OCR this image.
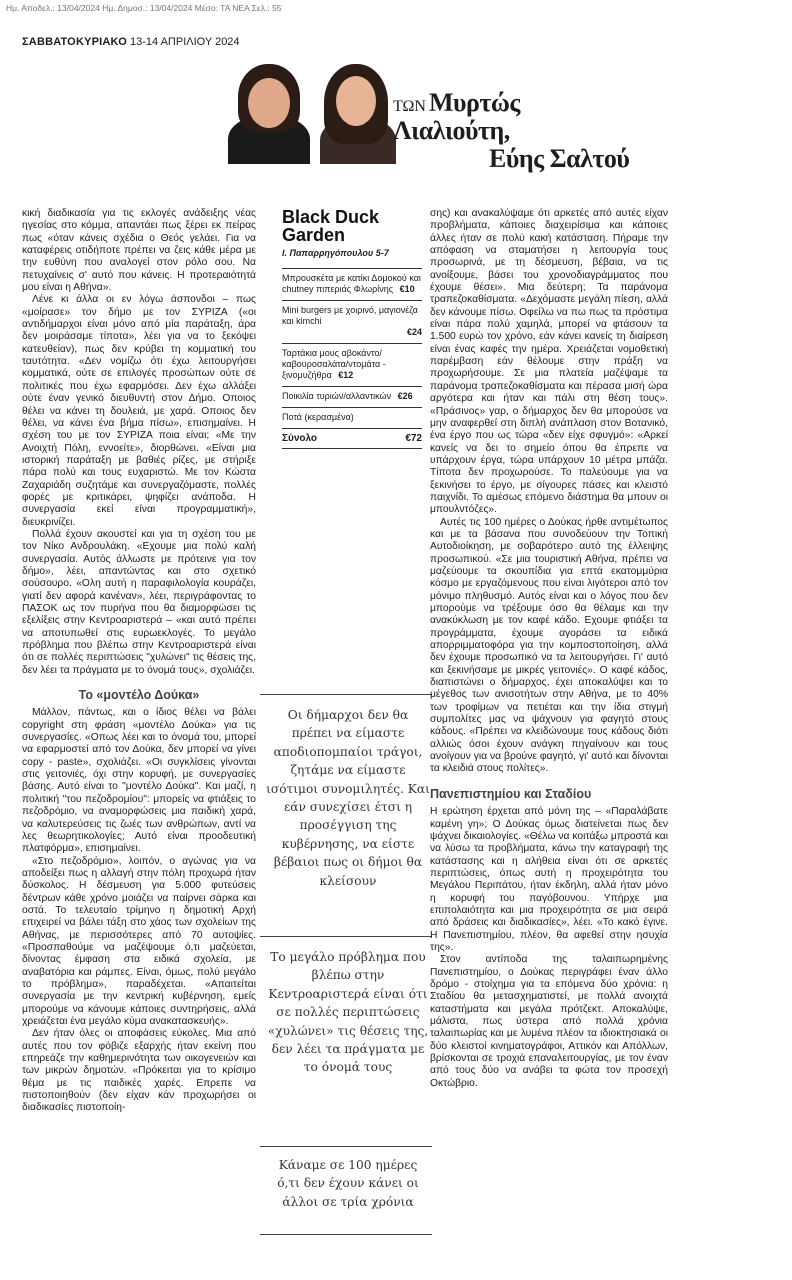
Ημ. Αποδελ.: 13/04/2024 Ημ. Δημοσ.: 13/04/2024 Μέσο: ΤΑ ΝΕΑ Σελ.: 55
ΣΑΒΒΑΤΟΚΥΡΙΑΚΟ 13-14 ΑΠΡΙΛΙΟΥ 2024
ΤΩΝ Μυρτώς Λιαλιούτη,
Εύης Σαλτού

κική διαδικασία για τις εκλογές ανάδειξης νέας ηγεσίας στο κόμμα, απαντάει πως ξέρει εκ πείρας πως «όταν κάνεις σχέδια ο Θεός γελάει. Για να καταφέρεις οτιδήποτε πρέπει να ζεις κάθε μέρα με την ευθύνη που αναλογεί στον ρόλο σου. Να πετυχαίνεις σ' αυτό που κάνεις. Η προτεραιότητά μου είναι η Αθήνα».

Λένε κι άλλα οι εν λόγω άσπονδοι – πως «μοίρασε» τον δήμο με τον ΣΥΡΙΖΑ («οι αντιδήμαρχοι είναι μόνο από μία παράταξη, άρα δεν μοιράσαμε τίποτα», λέει για να το ξεκόψει κατευθείαν), πως δεν κρύβει τη κομματική του ταυτότητα. «Δεν νομίζω ότι έχω λειτουργήσει κομματικά, ούτε σε επιλογές προσώπων ούτε σε πολιτικές που έχω εφαρμόσει. Δεν έχω αλλάξει ούτε έναν γενικό διευθυντή στον Δήμο. Οποιος θέλει να κάνει τη δουλειά, με χαρά. Οποιος δεν θέλει, να κάνει ένα βήμα πίσω», επισημαίνει. Η σχέση του με τον ΣΥΡΙΖΑ ποια είναι; «Με την Ανοιχτή Πόλη, εννοείτε», διορθώνει. «Είναι μια ιστορική παράταξη με βαθιές ρίζες, με στήριξε πάρα πολύ και τους ευχαριστώ. Με τον Κώστα Ζαχαριάδη συζητάμε και συνεργαζόμαστε, πολλές φορές με κριτικάρει, ψηφίζει ανάποδα. Η συνεργασία εκεί είναι προγραμματική», διευκρινίζει.

Πολλά έχουν ακουστεί και για τη σχέση του με τον Νίκο Ανδρουλάκη. «Εχουμε μια πολύ καλή συνεργασία. Αυτός άλλωστε με πρότεινε για τον δήμο», λέει, απαντώντας και στο σχετικό σούσουρο. «Ολη αυτή η παραφιλολογία κουράζει, γιατί δεν αφορά κανέναν», λέει, περιγράφοντας το ΠΑΣΟΚ ως τον πυρήνα που θα διαμορφώσει τις εξελίξεις στην Κεντροαριστερά – «και αυτό πρέπει να αποτυπωθεί στις ευρωεκλογές. Το μεγάλο πρόβλημα που βλέπω στην Κεντροαριστερά είναι ότι σε πολλές περιπτώσεις "χυλώνει" τις θέσεις της, δεν λέει τα πράγματα με το όνομά τους», σχολιάζει.

Το «μοντέλο Δούκα»

Μάλλον, πάντως, και ο ίδιος θέλει να βάλει copyright στη φράση «μοντέλο Δούκα» για τις συνεργασίες. «Οπως λέει και το όνομά του, μπορεί να εφαρμοστεί από τον Δούκα, δεν μπορεί να γίνει copy - paste», σχολιάζει. «Οι συγκλίσεις γίνονται στις γειτονιές, όχι στην κορυφή, με συνεργασίες βάσης. Αυτό είναι το "μοντέλο Δούκα". Και μαζί, η πολιτική "του πεζοδρομίου": μπορείς να φτιάξεις το πεζοδρόμιο, να αναμορφώσεις μια παιδική χαρά, να καλυτερεύσεις τις ζωές των ανθρώπων, αντί να λες θεωρητικολογίες; Αυτό είναι προοδευτική πλατφόρμα», επισημαίνει.

«Στο πεζοδρόμιο», λοιπόν, ο αγώνας για να αποδείξει πως η αλλαγή στην πόλη προχωρά ήταν δύσκολος. Η δέσμευση για 5.000 φυτεύσεις δέντρων κάθε χρόνο μοιάζει να παίρνει σάρκα και οστά. Το τελευταίο τρίμηνο η δημοτική Αρχή επιχειρεί να βάλει τάξη στο χάος των σχολείων της Αθήνας, με περισσότερες από 70 αυτοψίες. «Προσπαθούμε να μαζέψουμε ό,τι μαζεύεται, δίνοντας έμφαση στα ειδικά σχολεία, με αναβατόρια και ράμπες. Είναι, όμως, πολύ μεγάλο το πρόβλημα», παραδέχεται. «Απαιτείται συνεργασία με την κεντρική κυβέρνηση, εμείς μπορούμε να κάνουμε κάποιες συντηρήσεις, αλλά χρειάζεται ένα μεγάλο κύμα ανακατασκευής».

Δεν ήταν όλες οι αποφάσεις εύκολες. Μια από αυτές που τον φόβιζε εξαρχής ήταν εκείνη που επηρεάζε την καθημερινότητα των οικογενειών και των μικρών δημοτών. «Πρόκειται για το κρίσιμο θέμα με τις παιδικές χαρές. Επρεπε να πιστοποιηθούν (δεν είχαν κάν προχωρήσει οι διαδικασίες πιστοποίη-

Black Duck Garden
Ι. Παπαρρηγόπουλου 5-7
Μπρουσκέτα με κατίκι Δομοκού και chutney πιπεριάς Φλωρίνης €10
Mini burgers με χοιρινό, μαγιονέζα και kimchi
€24
Ταρτάκια μους αβοκάντο/καβουροσαλάτα/ντομάτα - ξινομυζήθρα €12
Ποικιλία τυριών/αλλαντικών €26
Ποτά (κερασμένα)
Σύνολο	€72
Οι δήμαρχοι δεν θα πρέπει να είμαστε αποδιοπομπαίοι τράγοι, ζητάμε να είμαστε ισότιμοι συνομιλητές. Και εάν συνεχίσει έτσι η προσέγγιση της κυβέρνησης, να είστε βέβαιοι πως οι δήμοι θα κλείσουν
Το μεγάλο πρόβλημα που βλέπω στην Κεντροαριστερά είναι ότι σε πολλές περιπτώσεις «χυλώνει» τις θέσεις της, δεν λέει τα πράγματα με το όνομά τους
Κάναμε σε 100 ημέρες ό,τι δεν έχουν κάνει οι άλλοι σε τρία χρόνια

σης) και ανακαλύψαμε ότι αρκετές από αυτές είχαν προβλήματα, κάποιες διαχειρίσιμα και κάποιες άλλες ήταν σε πολύ κακή κατάσταση. Πήραμε την απόφαση να σταματήσει η λειτουργία τους προσωρινά, με τη δέσμευση, βέβαια, να τις ανοίξουμε, βάσει του χρονοδιαγράμματος που έχουμε θέσει». Μια δεύτερη; Τα παράνομα τραπεζοκαθίσματα. «Δεχόμαστε μεγάλη πίεση, αλλά δεν κάνουμε πίσω. Οφείλω να πω πως τα πρόστιμα είναι πάρα πολύ χαμηλά, μπορεί να φτάσουν τα 1.500 ευρώ τον χρόνο, εάν κάνει κανείς τη διαίρεση είναι ένας καφές την ημέρα. Χρειάζεται νομοθετική παρέμβαση εάν θέλουμε στην πράξη να προχωρήσουμε. Σε μια πλατεία μαζέψαμε τα παράνομα τραπεζοκαθίσματα και πέρασα μισή ώρα αργότερα και ήταν και πάλι στη θέση τους». «Πράσινος» γαρ, ο δήμαρχος δεν θα μπορούσε να μην αναφερθεί στη διπλή ανάπλαση στον Βοτανικό, ένα έργο που ως τώρα «δεν είχε σφυγμό»: «Αρκεί κανείς να δει το σημείο όπου θα έπρεπε να υπάρχουν έργα, τώρα υπάρχουν 10 μέτρα μπάζα. Τίποτα δεν προχωρούσε. Το παλεύουμε για να ξεκινήσει το έργο, με σίγουρες πάσες και κλειστό παιχνίδι. Το αμέσως επόμενο διάστημα θα μπουν οι μπουλντόζες».

Αυτές τις 100 ημέρες ο Δούκας ήρθε αντιμέτωπος και με τα βάσανα που συνοδεύουν την Τοπική Αυτοδιοίκηση, με σοβαρότερο αυτό της έλλειψης προσωπικού. «Σε μια τουριστική Αθήνα, πρέπει να μαζεύουμε τα σκουπίδια για επτά εκατομμύρια κόσμο με εργαζόμενους που είναι λιγότεροι από τον μόνιμο πληθυσμό. Αυτός είναι και ο λόγος που δεν μπορούμε να τρέξουμε όσο θα θέλαμε και την ανακύκλωση με τον καφέ κάδο. Εχουμε φτιάξει τα προγράμματα, έχουμε αγοράσει τα ειδικά απορριμματοφόρα για την κομποστοποίηση, αλλά δεν έχουμε προσωπικό να τα λειτουργήσει. Γι' αυτό και ξεκινήσαμε με μικρές γειτονιές». Ο καφέ κάδος, διαπιστώνει ο δήμαρχος, έχει αποκαλύψει και το μέγεθος των ανισοτήτων στην Αθήνα, με το 40% των τροφίμων να πετιέται και την ίδια στιγμή συμπολίτες μας να ψάχνουν για φαγητό στους κάδους. «Πρέπει να κλειδώνουμε τους κάδους διότι αλλιώς όσοι έχουν ανάγκη πηγαίνουν και τους ανοίγουν για να βρούνε φαγητό, γι' αυτό και δίνονται τα κλειδιά στους πολίτες».

Πανεπιστημίου και Σταδίου

Η ερώτηση έρχεται από μόνη της – «Παραλάβατε καμένη γη»; Ο Δούκας όμως διατείνεται πως δεν ψάχνει δικαιολογίες. «Θέλω να κοιτάξω μπροστά και να λύσω τα προβλήματα, κάνω την καταγραφή της κατάστασης και η αλήθεια είναι ότι σε αρκετές περιπτώσεις, όπως αυτή η προχειρότητα του Μεγάλου Περιπάτου, ήταν έκδηλη, αλλά ήταν μόνο η κορυφή του παγόβουνου. Υπήρχε μια επιπολαιότητα και μια προχειρότητα σε μια σειρά από δράσεις και διαδικασίες», λέει. «Το κακό έγινε. Η Πανεπιστημίου, πλέον, θα αφεθεί στην ησυχία της».

Στον αντίποδα της ταλαιπωρημένης Πανεπιστημίου, ο Δούκας περιγράφει έναν άλλο δρόμο - στοίχημα για τα επόμενα δύο χρόνια: η Σταδίου θα μετασχηματιστεί, με πολλά ανοιχτά καταστήματα και μεγάλα πρότζεκτ. Αποκαλύψε, μάλιστα, πως ύστερα από πολλά χρόνια ταλαιπωρίας και με λυμένα πλέον τα ιδιοκτησιακά οι δύο κλειστοί κινηματογράφοι, Αττικόν και Απόλλων, βρίσκονται σε τροχιά επαναλειτουργίας, με τον έναν από τους δύο να ανάβει τα φώτα τον προσεχή Οκτώβριο.
